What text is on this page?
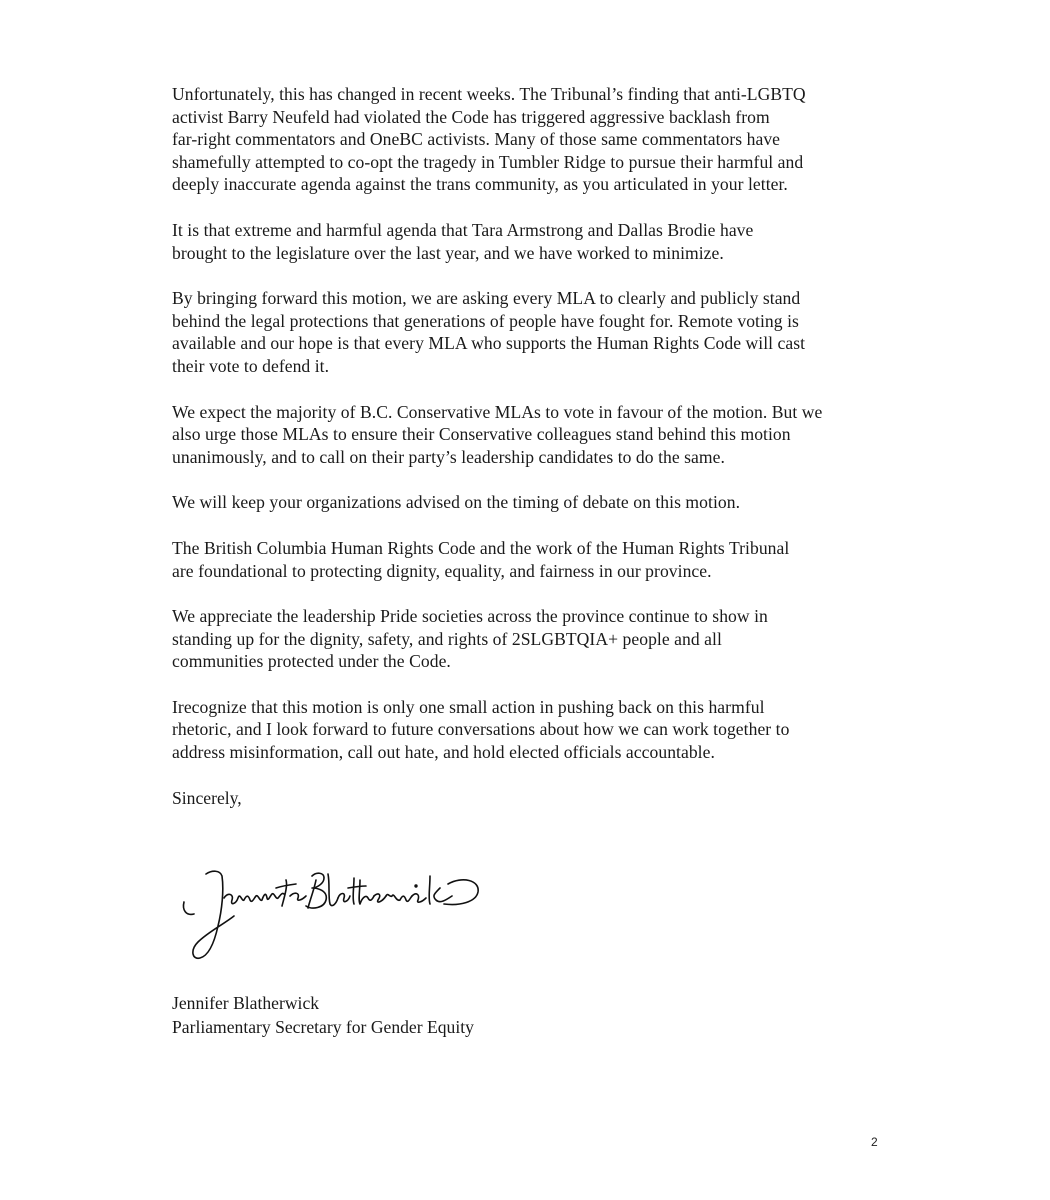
Unfortunately, this has changed in recent weeks. The Tribunal’s finding that anti-LGBTQ
activist Barry Neufeld had violated the Code has triggered aggressive backlash from
far-right commentators and OneBC activists. Many of those same commentators have
shamefully attempted to co-opt the tragedy in Tumbler Ridge to pursue their harmful and
deeply inaccurate agenda against the trans community, as you articulated in your letter.

It is that extreme and harmful agenda that Tara Armstrong and Dallas Brodie have
brought to the legislature over the last year, and we have worked to minimize.

By bringing forward this motion, we are asking every MLA to clearly and publicly stand
behind the legal protections that generations of people have fought for. Remote voting is
available and our hope is that every MLA who supports the Human Rights Code will cast
their vote to defend it.

We expect the majority of B.C. Conservative MLAs to vote in favour of the motion. But we
also urge those MLAs to ensure their Conservative colleagues stand behind this motion
unanimously, and to call on their party’s leadership candidates to do the same.

We will keep your organizations advised on the timing of debate on this motion.

The British Columbia Human Rights Code and the work of the Human Rights Tribunal
are foundational to protecting dignity, equality, and fairness in our province.

We appreciate the leadership Pride societies across the province continue to show in
standing up for the dignity, safety, and rights of 2SLGBTQIA+ people and all
communities protected under the Code.

Irecognize that this motion is only one small action in pushing back on this harmful
rhetoric, and I look forward to future conversations about how we can work together to
address misinformation, call out hate, and hold elected officials accountable.

Sincerely,

Jennifer Blatherwick
Parliamentary Secretary for Gender Equity
2
